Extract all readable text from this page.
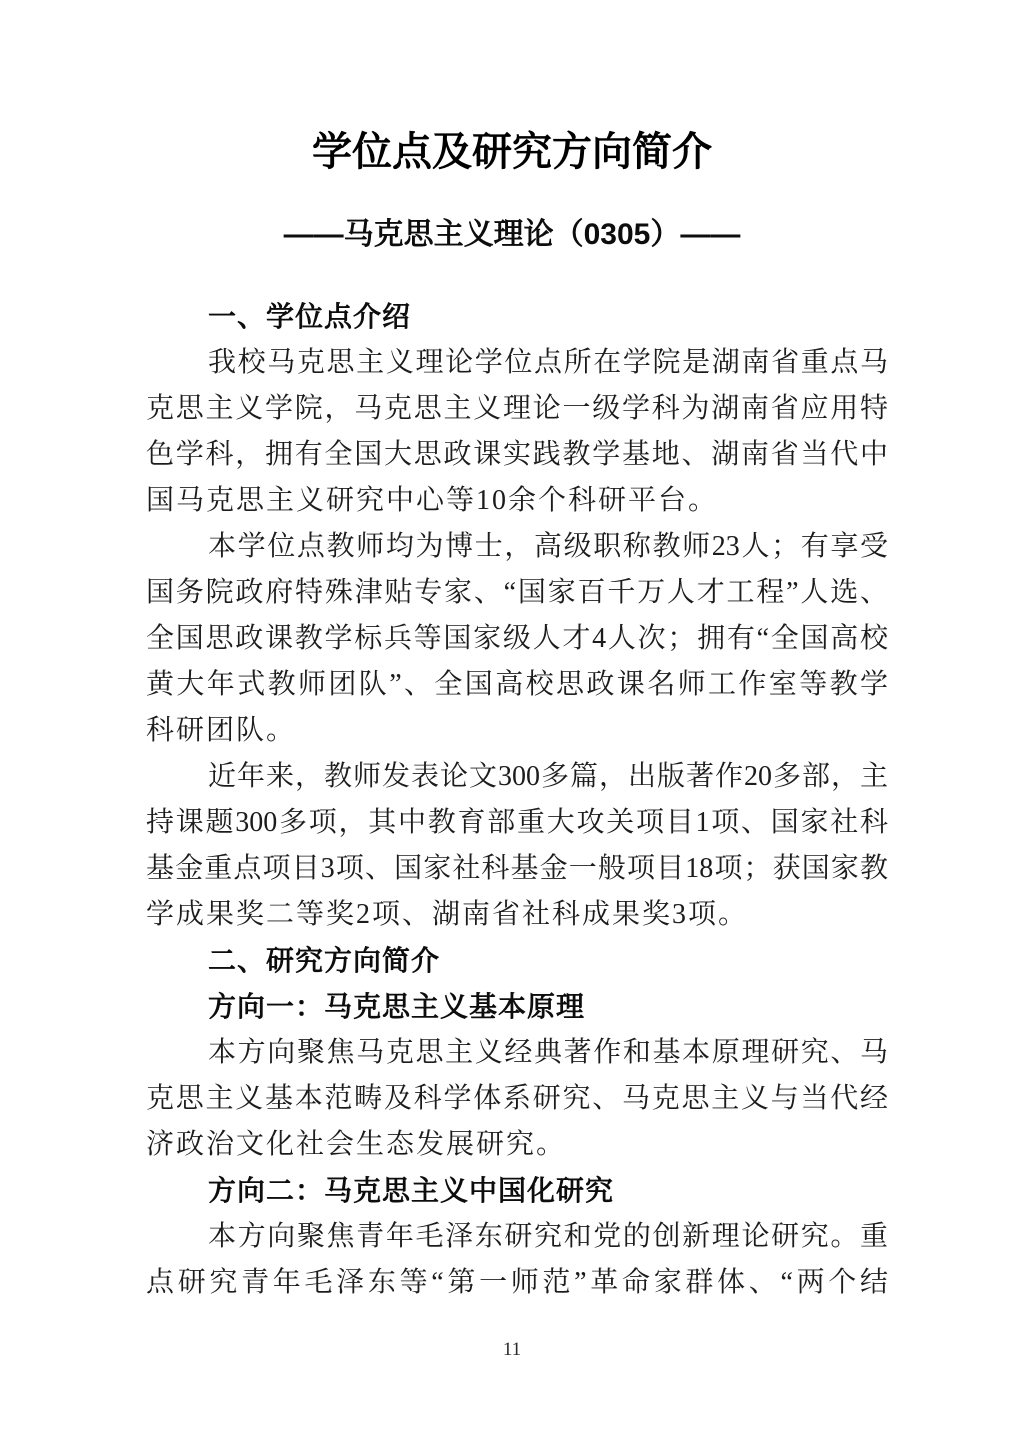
学位点及研究方向简介
——马克思主义理论（0305）——
一、学位点介绍
我校马克思主义理论学位点所在学院是湖南省重点马
克思主义学院，马克思主义理论一级学科为湖南省应用特
色学科，拥有全国大思政课实践教学基地、湖南省当代中
国马克思主义研究中心等10余个科研平台。
本学位点教师均为博士，高级职称教师23人；有享受
国务院政府特殊津贴专家、“国家百千万人才工程”人选、
全国思政课教学标兵等国家级人才4人次；拥有“全国高校
黄大年式教师团队”、全国高校思政课名师工作室等教学
科研团队。
近年来，教师发表论文300多篇，出版著作20多部，主
持课题300多项，其中教育部重大攻关项目1项、国家社科
基金重点项目3项、国家社科基金一般项目18项；获国家教
学成果奖二等奖2项、湖南省社科成果奖3项。
二、研究方向简介
方向一：马克思主义基本原理
本方向聚焦马克思主义经典著作和基本原理研究、马
克思主义基本范畴及科学体系研究、马克思主义与当代经
济政治文化社会生态发展研究。
方向二：马克思主义中国化研究
本方向聚焦青年毛泽东研究和党的创新理论研究。重
点研究青年毛泽东等“第一师范”革命家群体、“两个结
11
